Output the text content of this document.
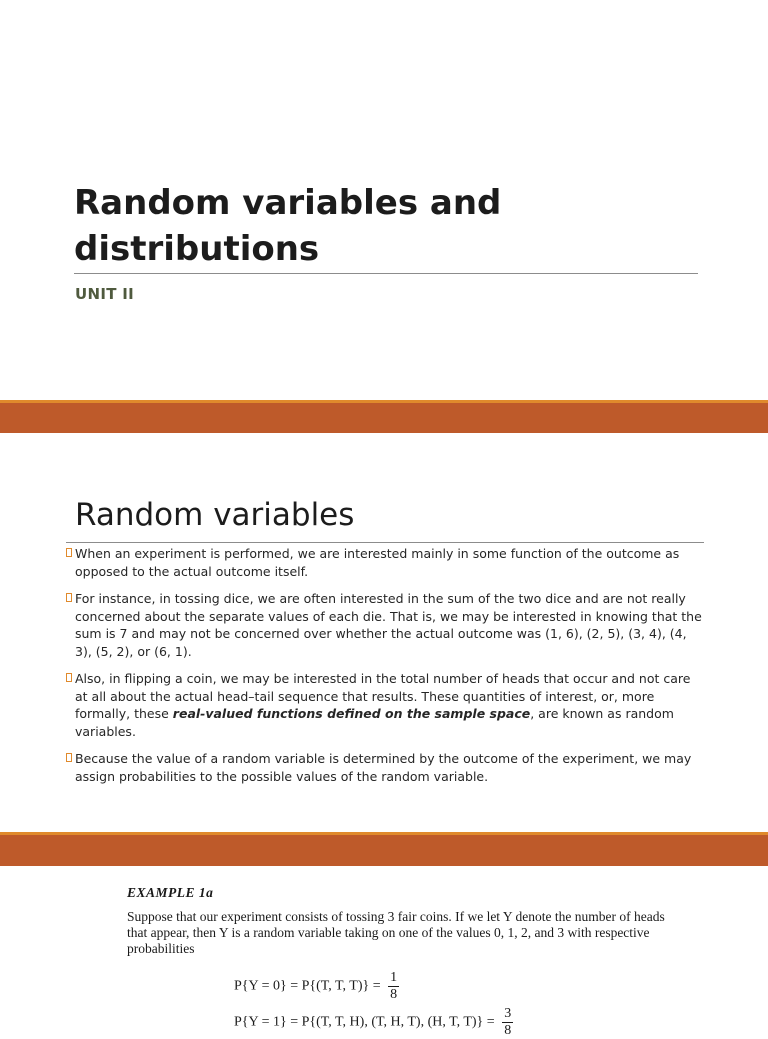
Random variables and distributions
UNIT II
Random variables
When an experiment is performed, we are interested mainly in some function of the outcome as opposed to the actual outcome itself.
For instance, in tossing dice, we are often interested in the sum of the two dice and are not really concerned about the separate values of each die. That is, we may be interested in knowing that the sum is 7 and may not be concerned over whether the actual outcome was (1, 6), (2, 5), (3, 4), (4, 3), (5, 2), or (6, 1).
Also, in flipping a coin, we may be interested in the total number of heads that occur and not care at all about the actual head–tail sequence that results. These quantities of interest, or, more formally, these real-valued functions defined on the sample space, are known as random variables.
Because the value of a random variable is determined by the outcome of the experiment, we may assign probabilities to the possible values of the random variable.
EXAMPLE 1a

Suppose that our experiment consists of tossing 3 fair coins. If we let Y denote the number of heads that appear, then Y is a random variable taking on one of the values 0, 1, 2, and 3 with respective probabilities

P{Y = 0} = P{(T, T, $T)\} = \frac{1}{8}$
P{Y = 1} = P{(T, T, H), (T, H, T), (H, T, $T)\} = \frac{3}{8}$
